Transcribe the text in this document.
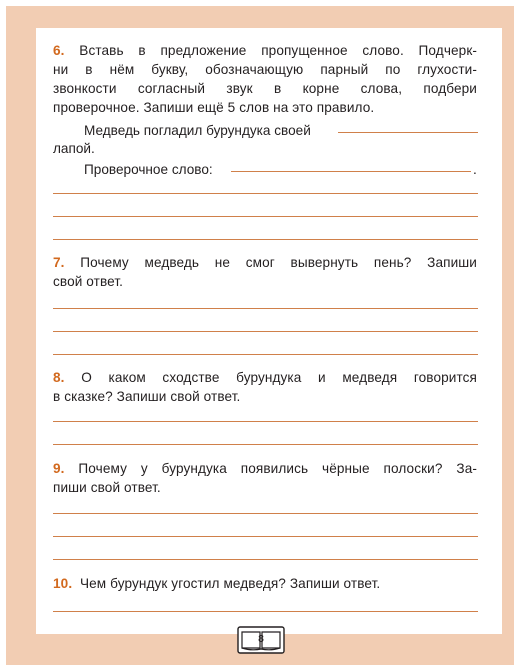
6. Вставь в предложение пропущенное слово. Подчерк-
ни в нём букву, обозначающую парный по глухости-
звонкости согласный звук в корне слова, подбери
проверочное. Запиши ещё 5 слов на это правило.
Медведь погладил бурундука своей
лапой.
Проверочное слово:	.
7. Почему медведь не смог вывернуть пень? Запиши
свой ответ.
8. О каком сходстве бурундука и медведя говорится
в сказке? Запиши свой ответ.
9. Почему у бурундука появились чёрные полоски? За-
пиши свой ответ.
10. Чем бурундук угостил медведя? Запиши ответ.
8
